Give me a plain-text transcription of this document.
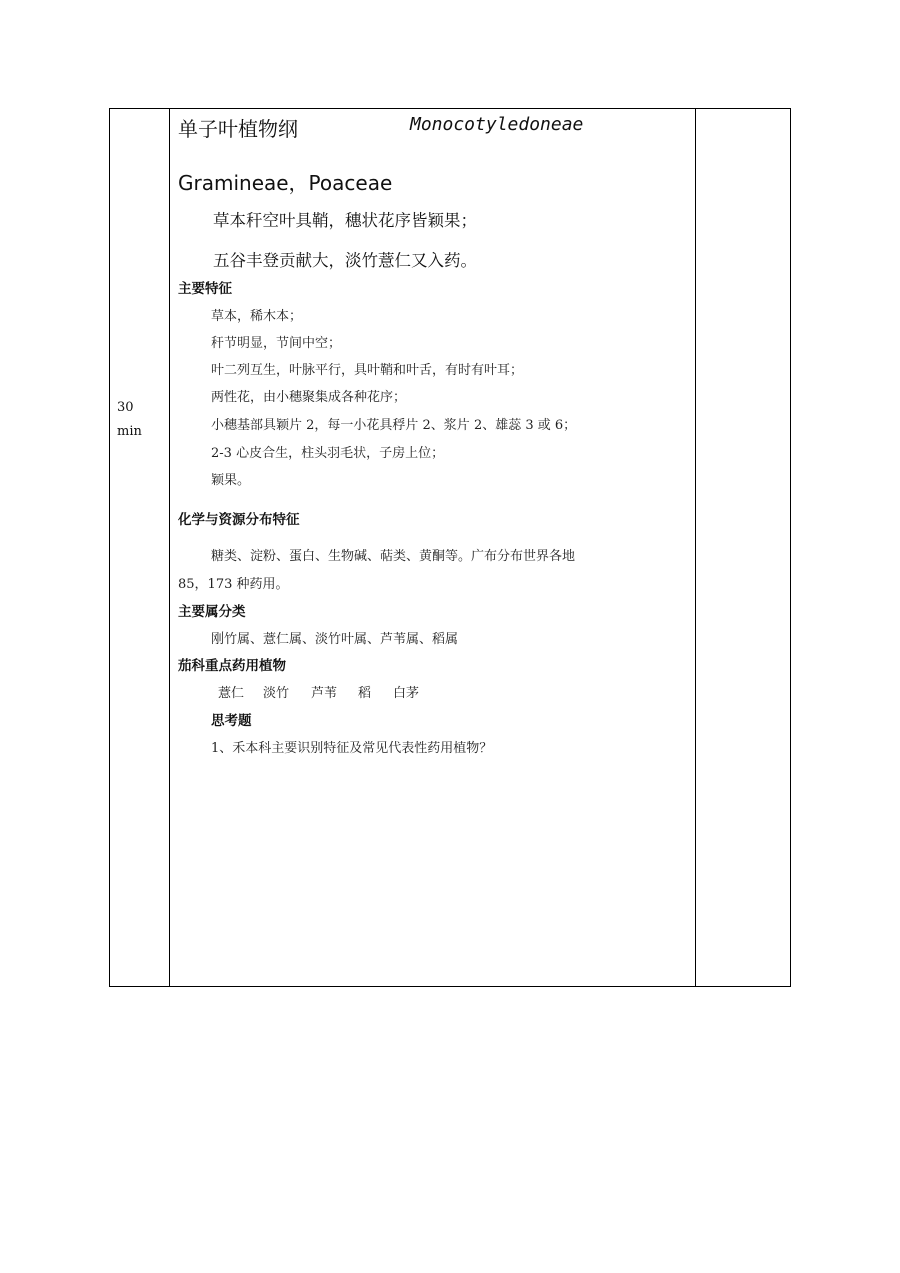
30
min
单子叶植物纲	Monocotyledoneae
Gramineae，Poaceae
草本秆空叶具鞘，穗状花序皆颖果；
五谷丰登贡献大，淡竹薏仁又入药。
主要特征
草本，稀木本；
秆节明显，节间中空；
叶二列互生，叶脉平行，具叶鞘和叶舌，有时有叶耳；
两性花，由小穗聚集成各种花序；
小穗基部具颖片 2，每一小花具稃片 2、浆片 2、雄蕊 3 或 6；
2-3 心皮合生，柱头羽毛状，子房上位；
颖果。
化学与资源分布特征
糖类、淀粉、蛋白、生物碱、萜类、黄酮等。广布分布世界各地
85，173 种药用。
主要属分类
刚竹属、薏仁属、淡竹叶属、芦苇属、稻属
茄科重点药用植物
薏仁 淡竹 芦苇 稻 白茅
思考题
1、禾本科主要识别特征及常见代表性药用植物？
